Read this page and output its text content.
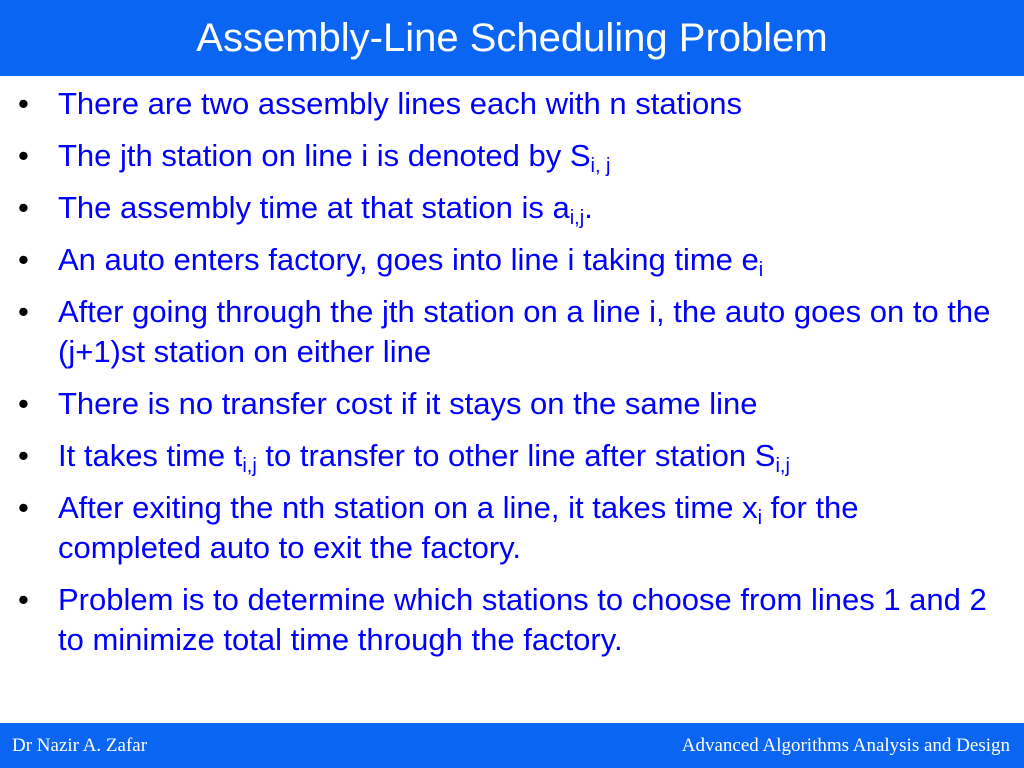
Assembly-Line Scheduling Problem
• There are two assembly lines each with n stations
• The jth station on line i is denoted by $S_{i, j}$
• The assembly time at that station is $a_{i,j}$.
• An auto enters factory, goes into line i taking time $e_i$
• After going through the jth station on a line i, the auto goes on to the (j+1)st station on either line
• There is no transfer cost if it stays on the same line
• It takes time $t_{i,j}$ to transfer to other line after station $S_{i,j}$
• After exiting the nth station on a line, it takes time $x_i$ for the completed auto to exit the factory.
• Problem is to determine which stations to choose from lines 1 and 2 to minimize total time through the factory.
Dr Nazir A. Zafar	Advanced Algorithms Analysis and Design
